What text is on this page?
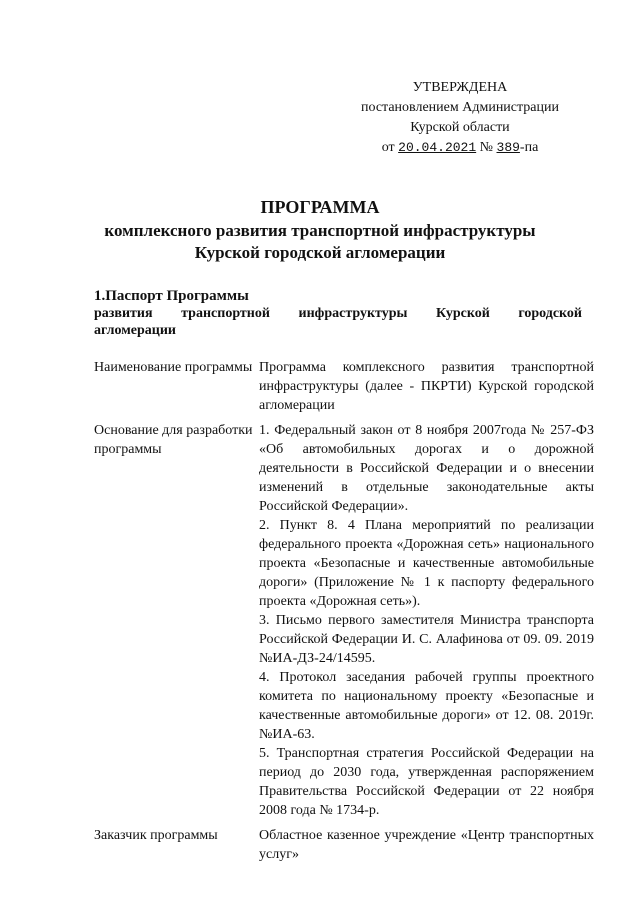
УТВЕРЖДЕНА
постановлением Администрации
Курской области
от 20.04.2021 № 389-па
ПРОГРАММА
комплексного развития транспортной инфраструктуры
Курской городской агломерации
1.Паспорт Программы
развития транспортной инфраструктуры Курской городской
агломерации
Наименование программы Программа комплексного развития транспортной инфраструктуры (далее - ПКРТИ) Курской городской агломерации

Основание для разработки программы

1. Федеральный закон от 8 ноября 2007года № 257-ФЗ «Об автомобильных дорогах и о дорожной деятельности в Российской Федерации и о внесении изменений в отдельные законодательные акты Российской Федерации».

2. Пункт 8. 4 Плана мероприятий по реализации федерального проекта «Дорожная сеть» национального проекта «Безопасные и качественные автомобильные дороги» (Приложение № 1 к паспорту федерального проекта «Дорожная сеть»).

3. Письмо первого заместителя Министра транспорта Российской Федерации И. С. Алафинова от 09. 09. 2019 №ИА-ДЗ-24/14595.

4. Протокол заседания рабочей группы проектного комитета по национальному проекту «Безопасные и качественные автомобильные дороги» от 12. 08. 2019г. №ИА-63.

5. Транспортная стратегия Российской Федерации на период до 2030 года, утвержденная распоряжением Правительства Российской Федерации от 22 ноября 2008 года № 1734-р.

Заказчик программы	Областное казенное учреждение «Центр транспортных услуг»
